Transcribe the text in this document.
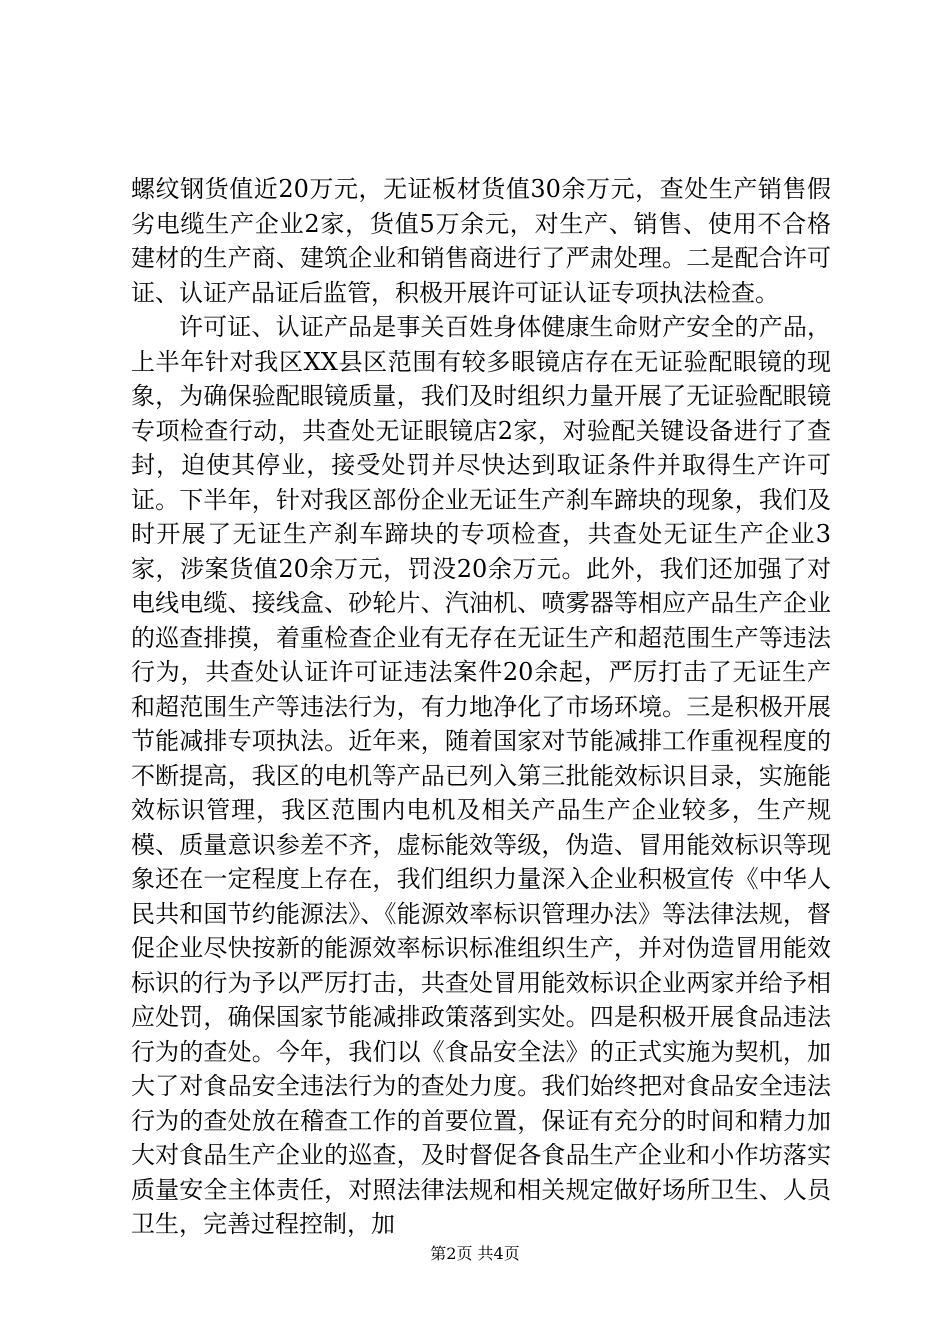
螺纹钢货值近20万元，无证板材货值30余万元，查处生产销售假劣电缆生产企业2家，货值5万余元，对生产、销售、使用不合格建材的生产商、建筑企业和销售商进行了严肃处理。二是配合许可证、认证产品证后监管，积极开展许可证认证专项执法检查。

许可证、认证产品是事关百姓身体健康生命财产安全的产品，上半年针对我区XX县区范围有较多眼镜店存在无证验配眼镜的现象，为确保验配眼镜质量，我们及时组织力量开展了无证验配眼镜专项检查行动，共查处无证眼镜店2家，对验配关键设备进行了查封，迫使其停业，接受处罚并尽快达到取证条件并取得生产许可证。下半年，针对我区部份企业无证生产刹车蹄块的现象，我们及时开展了无证生产刹车蹄块的专项检查，共查处无证生产企业3家，涉案货值20余万元，罚没20余万元。此外，我们还加强了对电线电缆、接线盒、砂轮片、汽油机、喷雾器等相应产品生产企业的巡查排摸，着重检查企业有无存在无证生产和超范围生产等违法行为，共查处认证许可证违法案件20余起，严厉打击了无证生产和超范围生产等违法行为，有力地净化了市场环境。三是积极开展节能减排专项执法。近年来，随着国家对节能减排工作重视程度的不断提高，我区的电机等产品已列入第三批能效标识目录，实施能效标识管理，我区范围内电机及相关产品生产企业较多，生产规模、质量意识参差不齐，虚标能效等级，伪造、冒用能效标识等现象还在一定程度上存在，我们组织力量深入企业积极宣传《中华人民共和国节约能源法》、《能源效率标识管理办法》等法律法规，督促企业尽快按新的能源效率标识标准组织生产，并对伪造冒用能效标识的行为予以严厉打击，共查处冒用能效标识企业两家并给予相应处罚，确保国家节能减排政策落到实处。四是积极开展食品违法行为的查处。今年，我们以《食品安全法》的正式实施为契机，加大了对食品安全违法行为的查处力度。我们始终把对食品安全违法行为的查处放在稽查工作的首要位置，保证有充分的时间和精力加大对食品生产企业的巡查，及时督促各食品生产企业和小作坊落实质量安全主体责任，对照法律法规和相关规定做好场所卫生、人员卫生，完善过程控制，加

第2页 共4页
